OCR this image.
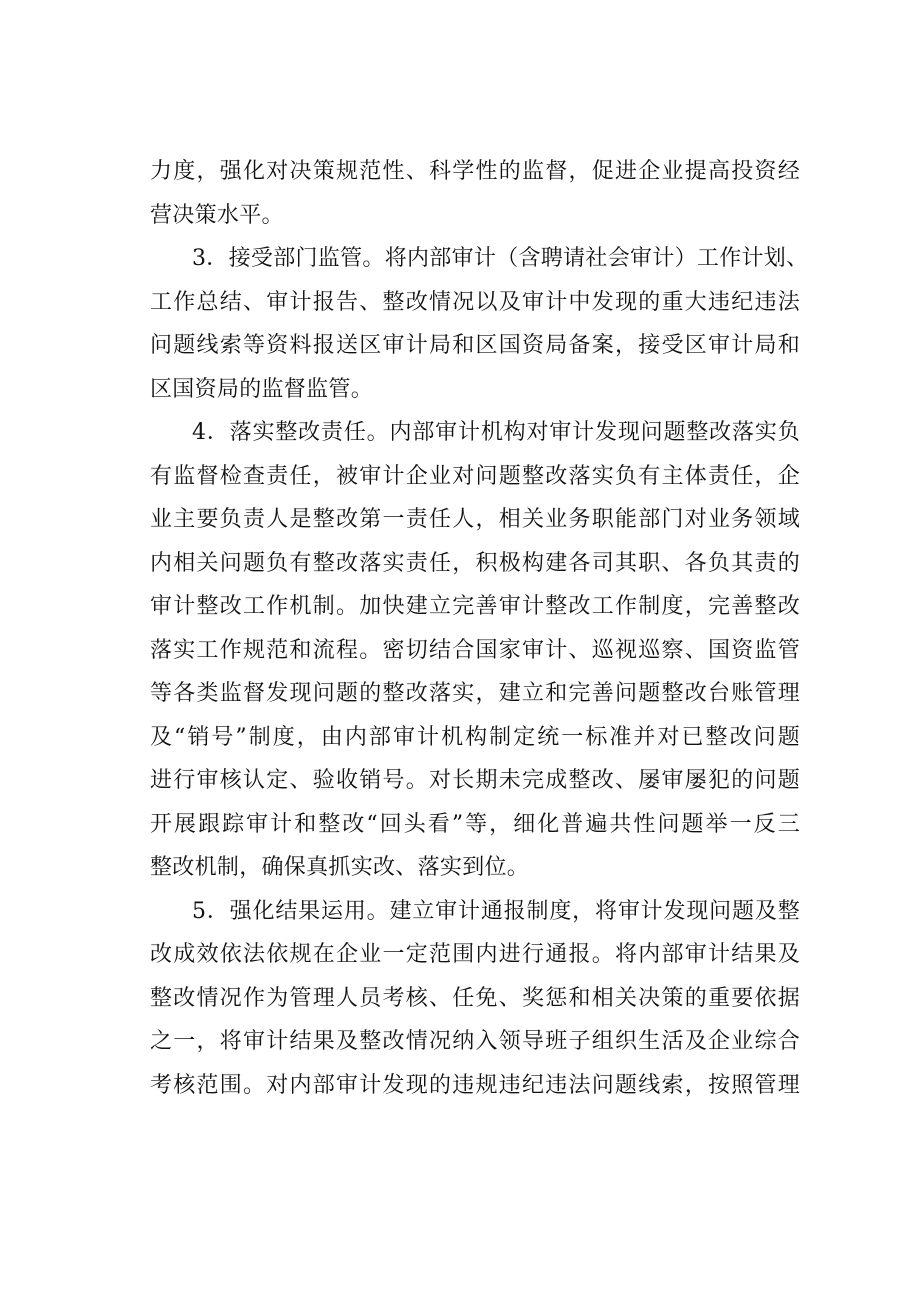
力度，强化对决策规范性、科学性的监督，促进企业提高投资经
营决策水平。
3．接受部门监管。将内部审计（含聘请社会审计）工作计划、
工作总结、审计报告、整改情况以及审计中发现的重大违纪违法
问题线索等资料报送区审计局和区国资局备案，接受区审计局和
区国资局的监督监管。
4．落实整改责任。内部审计机构对审计发现问题整改落实负
有监督检查责任，被审计企业对问题整改落实负有主体责任，企
业主要负责人是整改第一责任人，相关业务职能部门对业务领域
内相关问题负有整改落实责任，积极构建各司其职、各负其责的
审计整改工作机制。加快建立完善审计整改工作制度，完善整改
落实工作规范和流程。密切结合国家审计、巡视巡察、国资监管
等各类监督发现问题的整改落实，建立和完善问题整改台账管理
及“销号”制度，由内部审计机构制定统一标准并对已整改问题
进行审核认定、验收销号。对长期未完成整改、屡审屡犯的问题
开展跟踪审计和整改“回头看”等，细化普遍共性问题举一反三
整改机制，确保真抓实改、落实到位。
5．强化结果运用。建立审计通报制度，将审计发现问题及整
改成效依法依规在企业一定范围内进行通报。将内部审计结果及
整改情况作为管理人员考核、任免、奖惩和相关决策的重要依据
之一，将审计结果及整改情况纳入领导班子组织生活及企业综合
考核范围。对内部审计发现的违规违纪违法问题线索，按照管理
